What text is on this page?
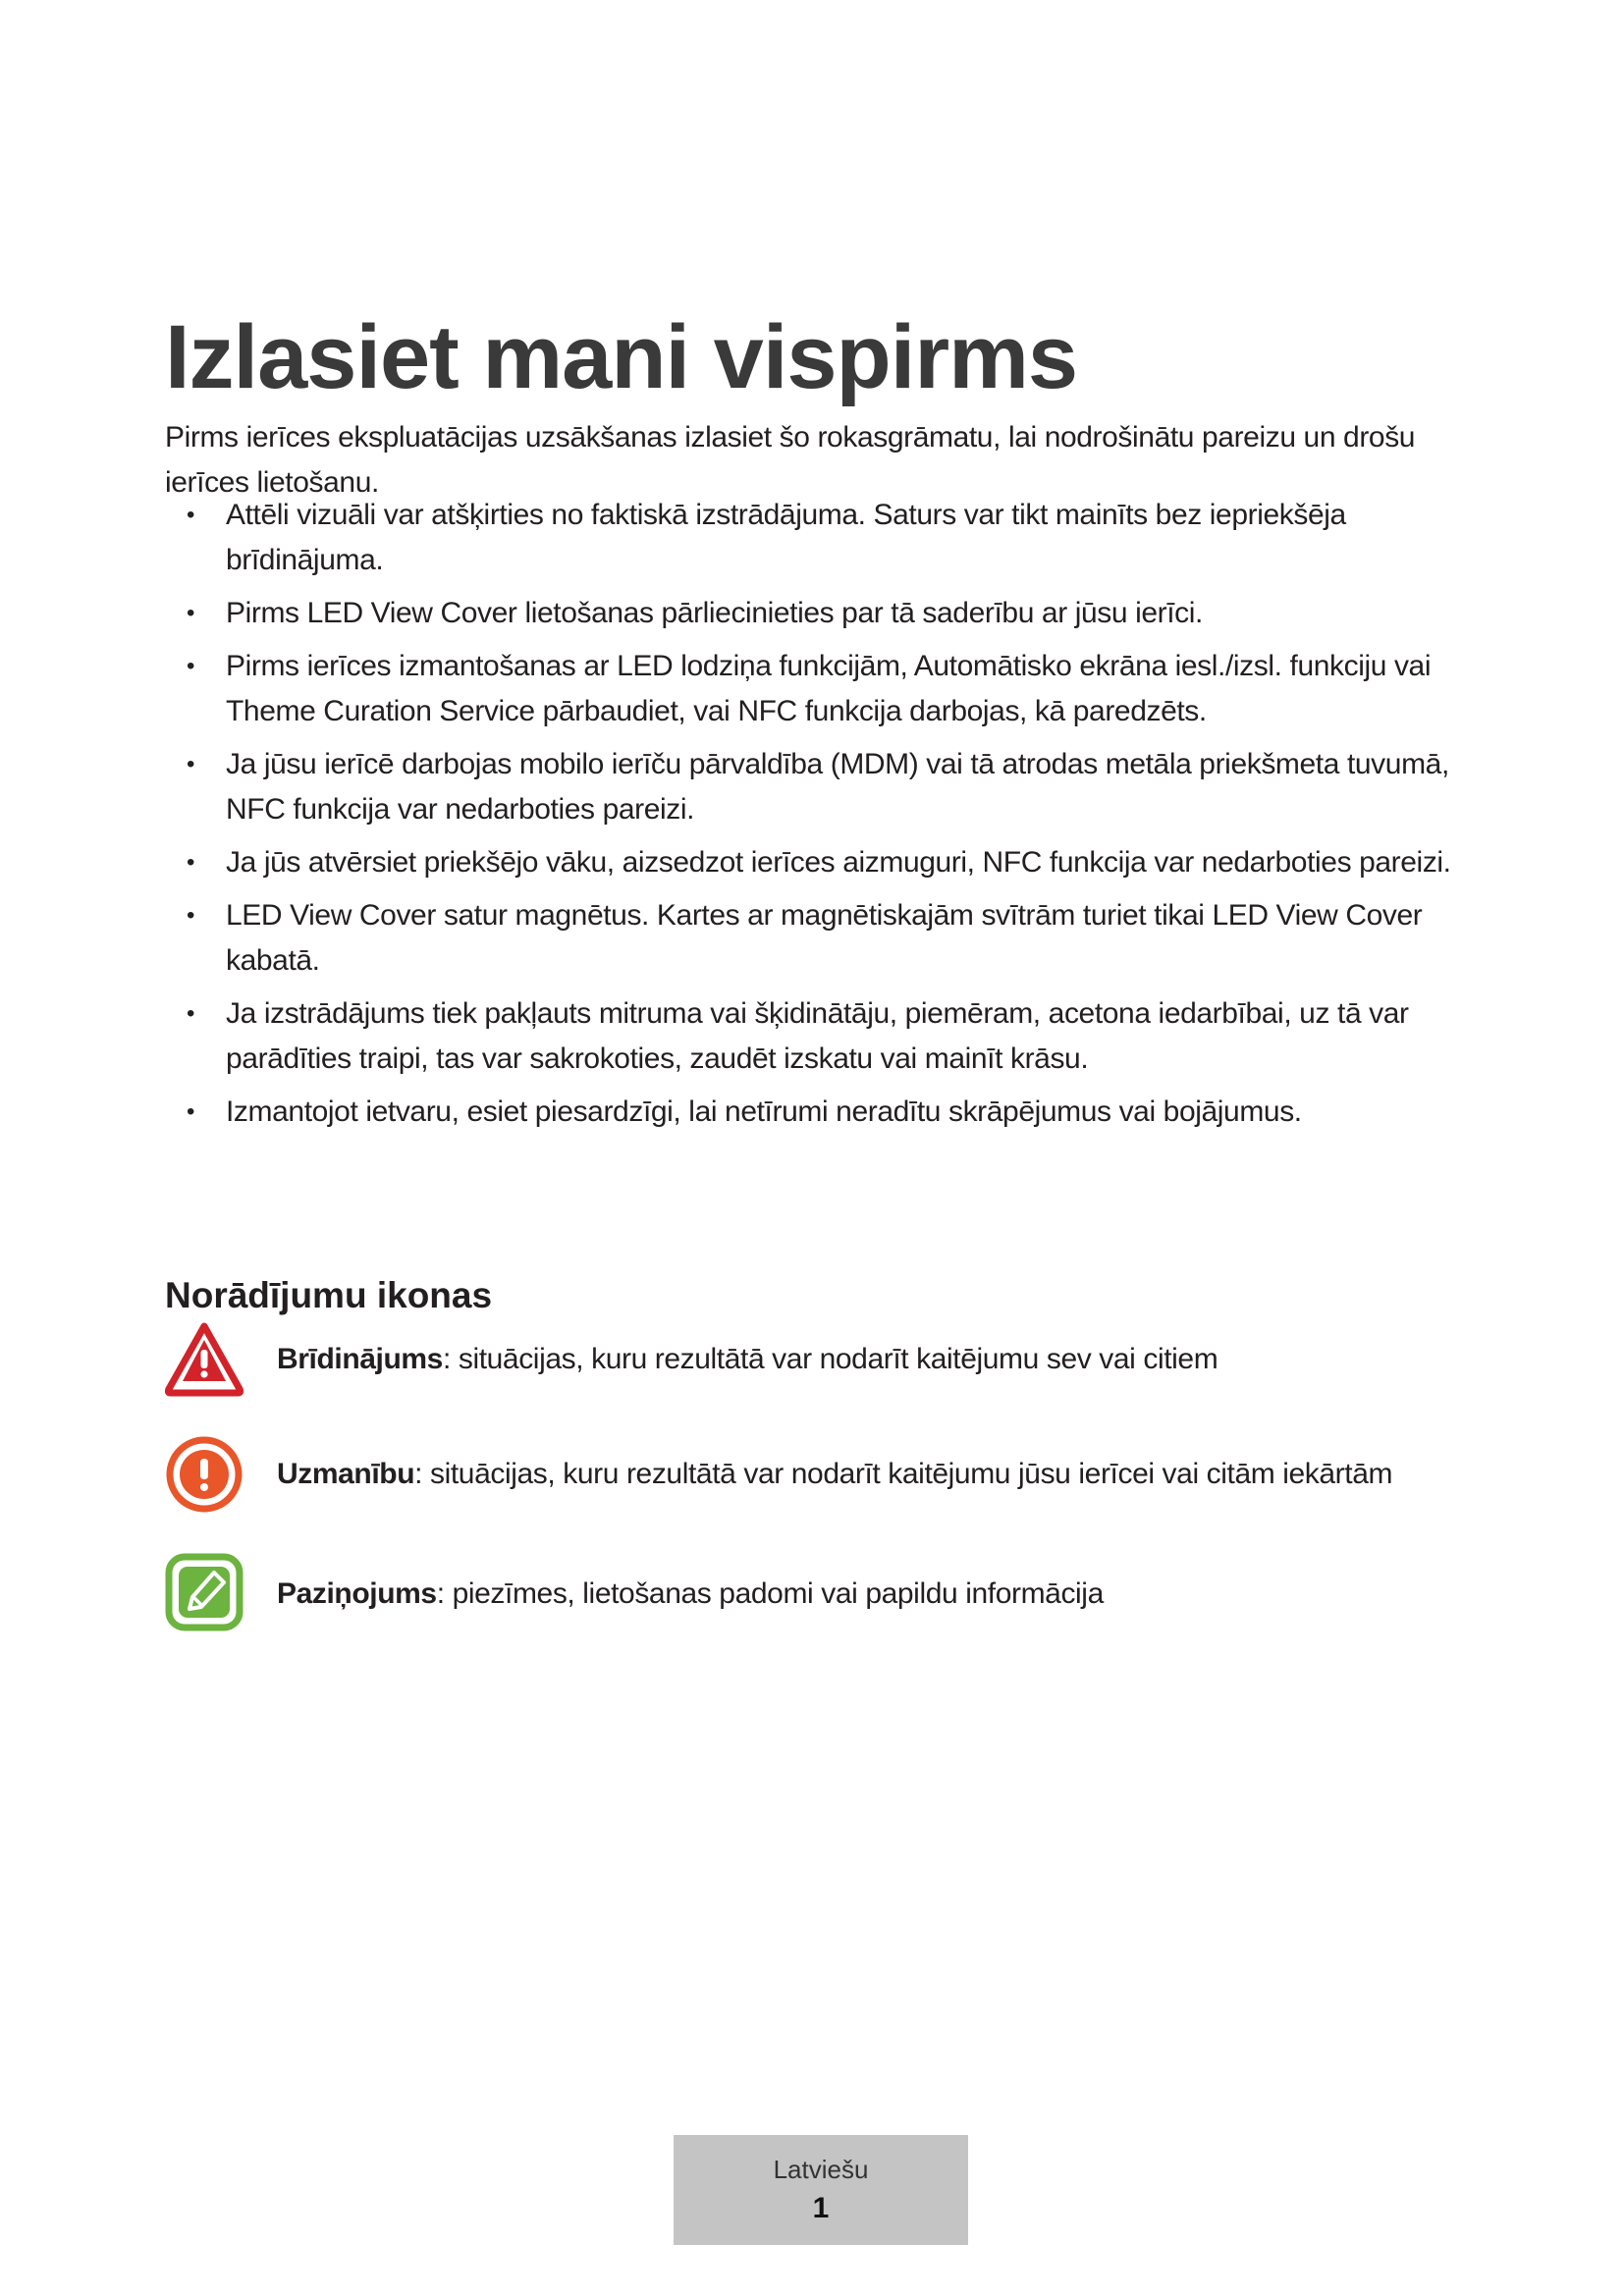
Izlasiet mani vispirms

Pirms ierīces ekspluatācijas uzsākšanas izlasiet šo rokasgrāmatu, lai nodrošinātu pareizu un drošu ierīces lietošanu.

• Attēli vizuāli var atšķirties no faktiskā izstrādājuma. Saturs var tikt mainīts bez iepriekšēja brīdinājuma.
• Pirms LED View Cover lietošanas pārliecinieties par tā saderību ar jūsu ierīci.
• Pirms ierīces izmantošanas ar LED lodziņa funkcijām, Automātisko ekrāna iesl./izsl. funkciju vai Theme Curation Service pārbaudiet, vai NFC funkcija darbojas, kā paredzēts.
• Ja jūsu ierīcē darbojas mobilo ierīču pārvaldība (MDM) vai tā atrodas metāla priekšmeta tuvumā, NFC funkcija var nedarboties pareizi.
• Ja jūs atvērsiet priekšējo vāku, aizsedzot ierīces aizmuguri, NFC funkcija var nedarboties pareizi.
• LED View Cover satur magnētus. Kartes ar magnētiskajām svītrām turiet tikai LED View Cover kabatā.
• Ja izstrādājums tiek pakļauts mitruma vai šķidinātāju, piemēram, acetona iedarbībai, uz tā var parādīties traipi, tas var sakrokoties, zaudēt izskatu vai mainīt krāsu.
• Izmantojot ietvaru, esiet piesardzīgi, lai netīrumi neradītu skrāpējumus vai bojājumus.
Norādījumu ikonas
Brīdinājums: situācijas, kuru rezultātā var nodarīt kaitējumu sev vai citiem
Uzmanību: situācijas, kuru rezultātā var nodarīt kaitējumu jūsu ierīcei vai citām iekārtām
Paziņojums: piezīmes, lietošanas padomi vai papildu informācija
Latviešu
1
